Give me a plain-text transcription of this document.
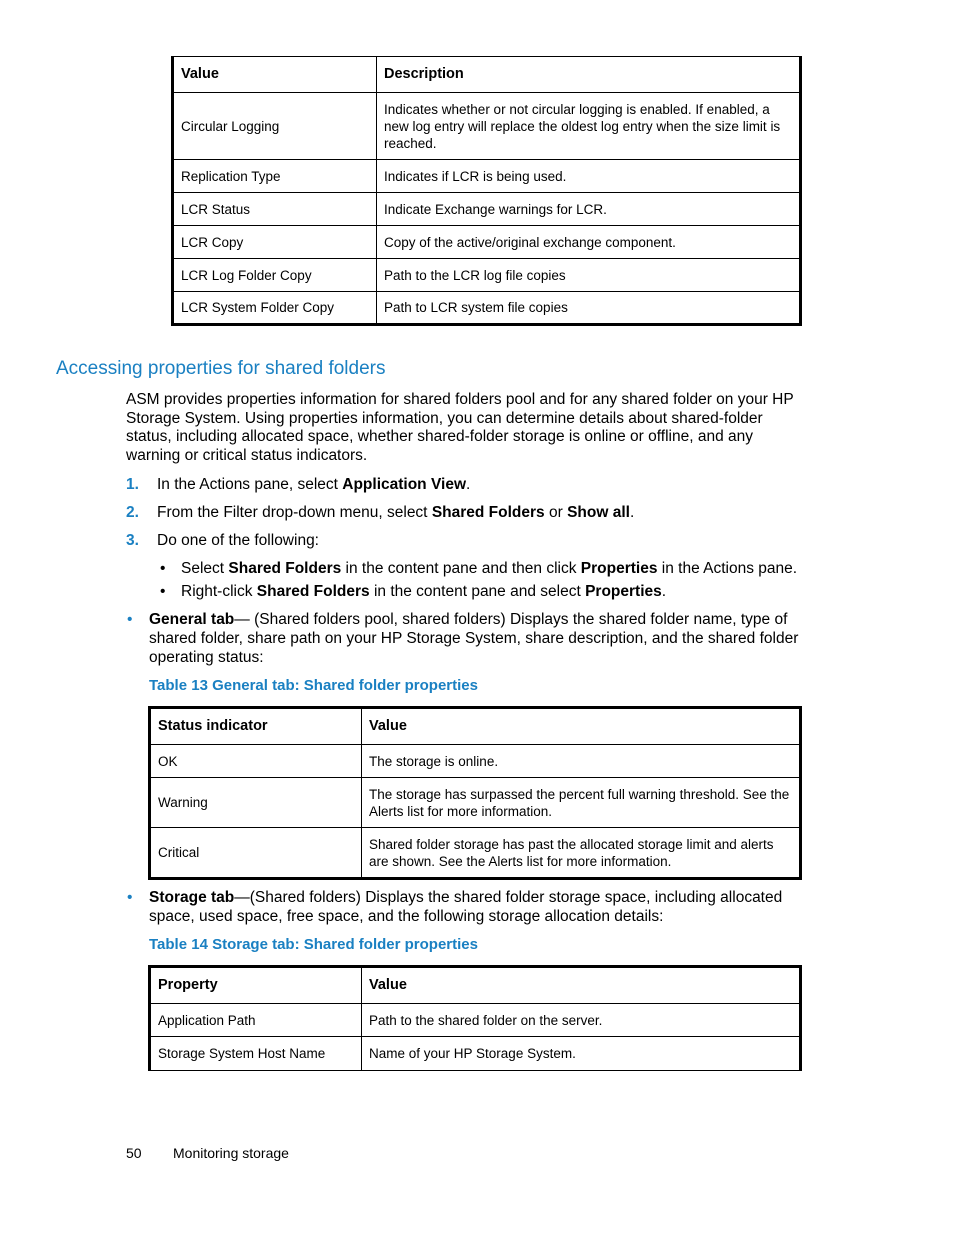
Value	Description
Circular Logging	Indicates whether or not circular logging is enabled. If enabled, a new log entry will replace the oldest log entry when the size limit is reached.
Replication Type	Indicates if LCR is being used.
LCR Status	Indicate Exchange warnings for LCR.
LCR Copy	Copy of the active/original exchange component.
LCR Log Folder Copy	Path to the LCR log file copies
LCR System Folder Copy	Path to LCR system file copies
Accessing properties for shared folders

ASM provides properties information for shared folders pool and for any shared folder on your HP Storage System. Using properties information, you can determine details about shared-folder status, including allocated space, whether shared-folder storage is online or offline, and any warning or critical status indicators.

1. In the Actions pane, select Application View.
2. From the Filter drop-down menu, select Shared Folders or Show all.
3. Do one of the following:
• Select Shared Folders in the content pane and then click Properties in the Actions pane.
• Right-click Shared Folders in the content pane and select Properties.
• General tab— (Shared folders pool, shared folders) Displays the shared folder name, type of shared folder, share path on your HP Storage System, share description, and the shared folder operating status:

Table 13 General tab: Shared folder properties

Status indicator	Value
OK	The storage is online.
Warning	The storage has surpassed the percent full warning threshold. See the Alerts list for more information.
Critical	Shared folder storage has past the allocated storage limit and alerts are shown. See the Alerts list for more information.
• Storage tab—(Shared folders) Displays the shared folder storage space, including allocated space, used space, free space, and the following storage allocation details:

Table 14 Storage tab: Shared folder properties

Property	Value
Application Path	Path to the shared folder on the server.
Storage System Host Name	Name of your HP Storage System.

50 Monitoring storage
